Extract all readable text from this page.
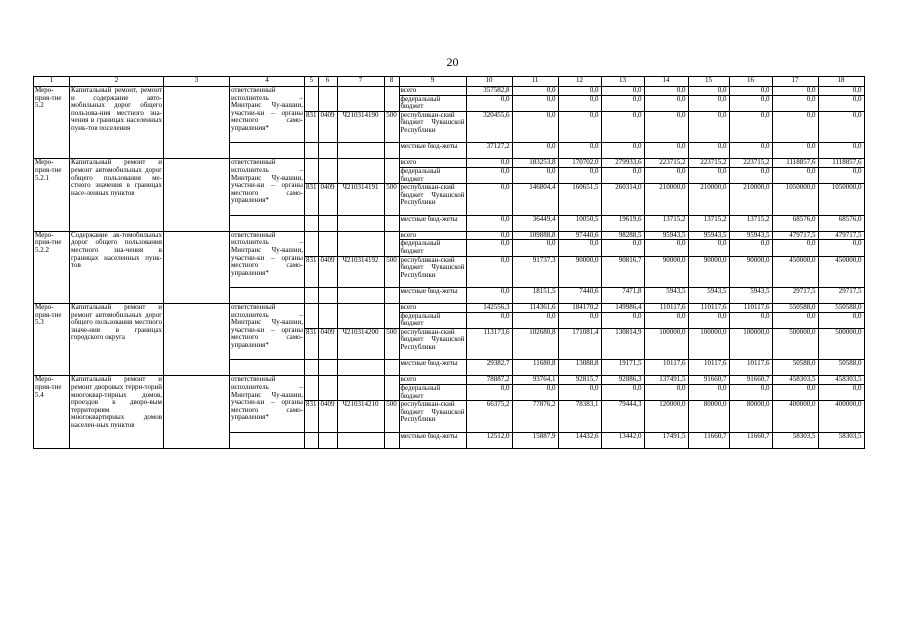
20
1	2	3	4	5	6	7	8	9	10	11	12	13	14	15	16	17	18
Меро-прия-тие 5.2	Капитальный ремонт, ремонт и содержание авто-мобильных дорог общего пользова-ния местного зна-чения в границах населенных пунк-тов поселения		ответственный исполнитель – Минтранс Чу-вашии, участни-ки – органы местного само-управления*					всего	357582,8	0,0	0,0	0,0	0,0	0,0	0,0	0,0	0,0
								федеральный бюджет	0,0	0,0	0,0	0,0	0,0	0,0	0,0	0,0	0,0
				831	0409	Ч210314190	500	республикан-ский бюджет Чувашской Республики	320455,6	0,0	0,0	0,0	0,0	0,0	0,0	0,0	0,0
								местные бюд-жеты	37127,2	0,0	0,0	0,0	0,0	0,0	0,0	0,0	0,0
Меро-прия-тие 5.2.1	Капитальный ремонт и ремонт автомобильных дорог общего пользования ме-стного значения в границах насе-ленных пунктов		ответственный исполнитель – Минтранс Чу-вашии, участни-ки – органы местного само-управления*					всего	0,0	183253,8	170702,0	279933,6	223715,2	223715,2	223715,2	1118857,6	1118857,6
								федеральный бюджет	0,0	0,0	0,0	0,0	0,0	0,0	0,0	0,0	0,0
				831	0409	Ч210314191	500	республикан-ский бюджет Чувашской Республики	0,0	146804,4	160651,5	260314,0	210000,0	210000,0	210000,0	1050000,0	1050000,0
								местные бюд-жеты	0,0	36449,4	10050,5	19619,6	13715,2	13715,2	13715,2	68576,0	68576,0
Меро-прия-тие 5.2.2	Содержание ав-томобильных дорог общего пользования местного зна-чения в границах населенных пунк-тов		ответственный исполнитель – Минтранс Чу-вашии, участни-ки – органы местного само-управления*					всего	0,0	109888,8	97440,6	98288,5	95943,5	95943,5	95943,5	479717,5	479717,5
								федеральный бюджет	0,0	0,0	0,0	0,0	0,0	0,0	0,0	0,0	0,0
				831	0409	Ч210314192	500	республикан-ский бюджет Чувашской Республики	0,0	91737,3	90000,0	90816,7	90000,0	90000,0	90000,0	450000,0	450000,0
								местные бюд-жеты	0,0	18151,5	7440,6	7471,8	5943,5	5943,5	5943,5	29717,5	29717,5
Меро-прия-тие 5.3	Капитальный ремонт и ремонт автомобильных дорог общего пользования местного значе-ния в границах городского округа		ответственный исполнитель – Минтранс Чу-вашии, участни-ки – органы местного само-управления*					всего	142556,3	114361,6	184170,2	149986,4	110117,6	110117,6	110117,6	550588,0	550588,0
								федеральный бюджет	0,0	0,0	0,0	0,0	0,0	0,0	0,0	0,0	0,0
				831	0409	Ч210314200	500	республикан-ский бюджет Чувашской Республики	113173,6	102680,8	171081,4	130814,9	100000,0	100000,0	100000,0	500000,0	500000,0
								местные бюд-жеты	29382,7	11680,8	13088,8	19171,5	10117,6	10117,6	10117,6	50588,0	50588,0
Меро-прия-тие 5.4	Капитальный ремонт и ремонт дворовых терри-торий многоквар-тирных домов, проездов к дворо-вым территориям многоквартирных домов населен-ных пунктов		ответственный исполнитель – Минтранс Чу-вашии, участни-ки – органы местного само-управления*					всего	78887,2	93764,1	92815,7	92886,3	137491,5	91660,7	91660,7	458303,5	458303,5
								федеральный бюджет	0,0	0,0	0,0	0,0	0,0	0,0	0,0	0,0	0,0
				831	0409	Ч210314210	500	республикан-ский бюджет Чувашской Республики	66375,2	77876,2	78383,1	79444,3	120000,0	80000,0	80000,0	400000,0	400000,0
								местные бюд-жеты	12512,0	15887,9	14432,6	13442,0	17491,5	11660,7	11660,7	58303,5	58303,5
